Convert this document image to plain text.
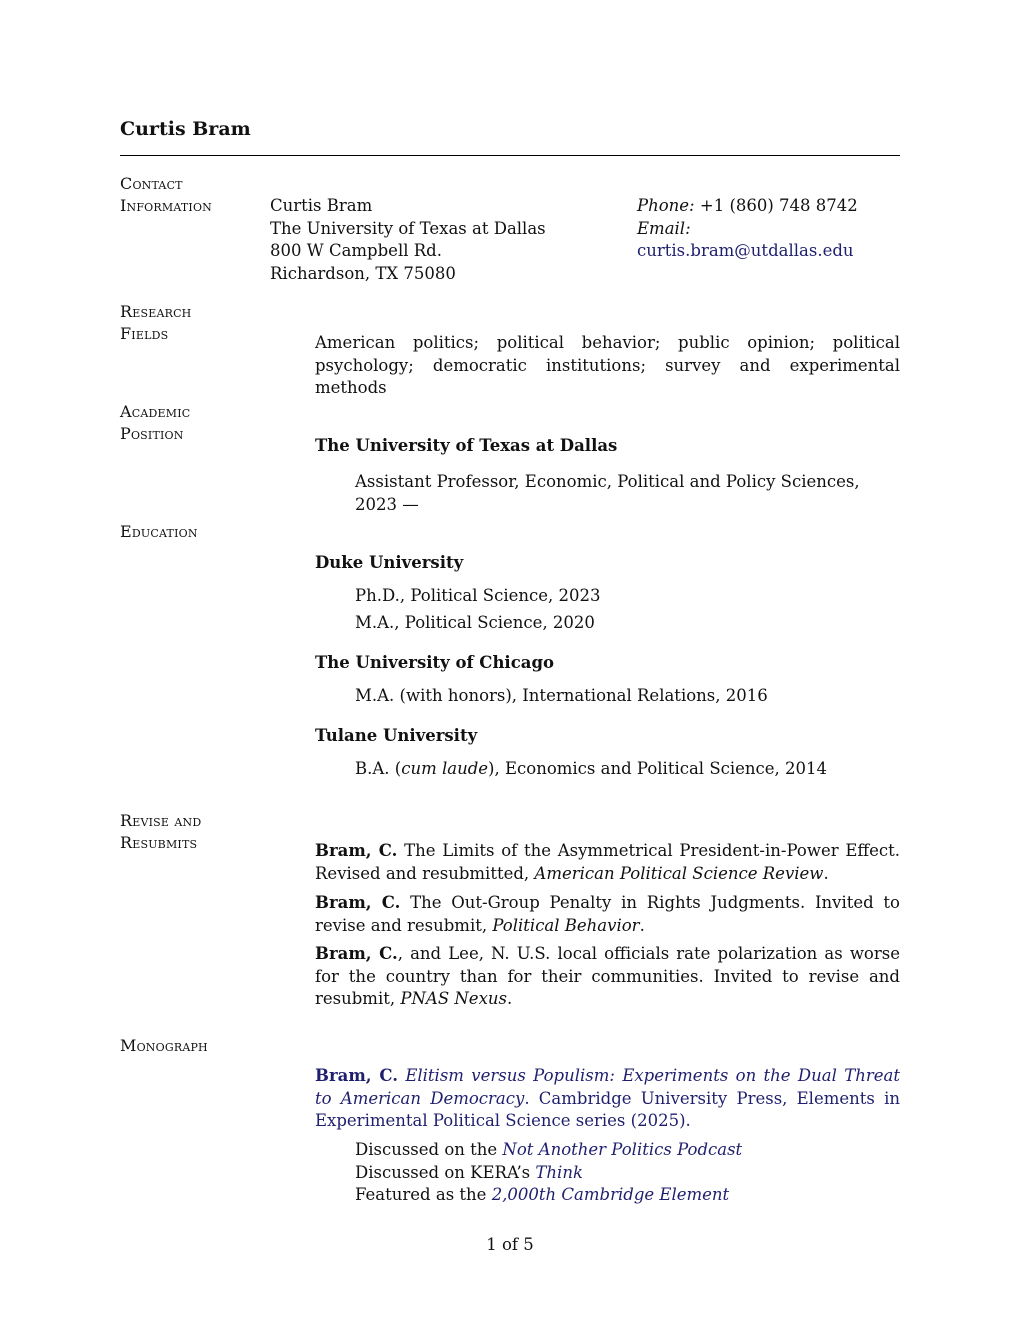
Curtis Bram
Contact
Information	Curtis Bram
The University of Texas at Dallas
800 W Campbell Rd.
Richardson, TX 75080
Phone: +1 (860) 748 8742
Email: curtis.bram@utdallas.edu
Research
Fields	American politics; political behavior; public opinion; political psychology; democratic institutions; survey and experimental methods
Academic
Position
The University of Texas at Dallas
Assistant Professor, Economic, Political and Policy Sciences, 2023 —
Education
Duke University
Ph.D., Political Science, 2023
M.A., Political Science, 2020
The University of Chicago
M.A. (with honors), International Relations, 2016
Tulane University
B.A. (cum laude), Economics and Political Science, 2014
Revise and
Resubmits	Bram, C. The Limits of the Asymmetrical President-in-Power Effect. Revised and resubmitted, American Political Science Review.
Bram, C. The Out-Group Penalty in Rights Judgments. Invited to revise and resubmit, Political Behavior.
Bram, C., and Lee, N. U.S. local officials rate polarization as worse for the country than for their communities. Invited to revise and resubmit, PNAS Nexus.
Monograph
Bram, C. Elitism versus Populism: Experiments on the Dual Threat to American Democracy. Cambridge University Press, Elements in Experimental Political Science series (2025).
Discussed on the Not Another Politics Podcast
Discussed on KERA’s Think
Featured as the 2,000th Cambridge Element
1 of 5
